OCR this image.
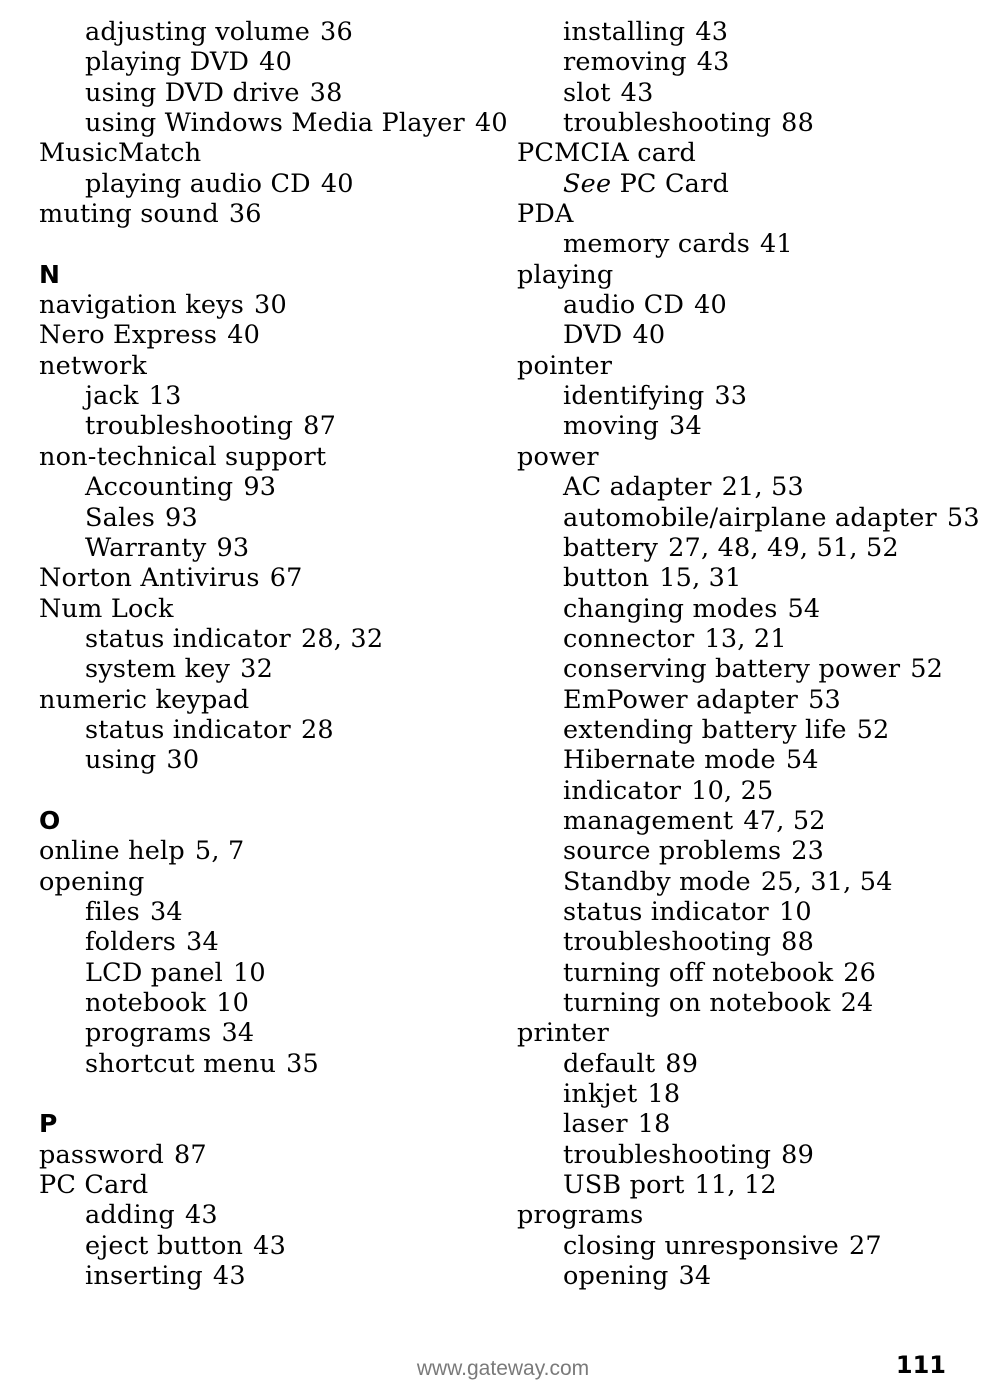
adjusting volume 36
playing DVD 40
using DVD drive 38
using Windows Media Player 40
MusicMatch
playing audio CD 40
muting sound 36
N
navigation keys 30
Nero Express 40
network
jack 13
troubleshooting 87
non-technical support
Accounting 93
Sales 93
Warranty 93
Norton Antivirus 67
Num Lock
status indicator 28, 32
system key 32
numeric keypad
status indicator 28
using 30
O
online help 5, 7
opening
files 34
folders 34
LCD panel 10
notebook 10
programs 34
shortcut menu 35
P
password 87
PC Card
adding 43
eject button 43
inserting 43
installing 43
removing 43
slot 43
troubleshooting 88
PCMCIA card
See PC Card
PDA
memory cards 41
playing
audio CD 40
DVD 40
pointer
identifying 33
moving 34
power
AC adapter 21, 53
automobile/airplane adapter 53
battery 27, 48, 49, 51, 52
button 15, 31
changing modes 54
connector 13, 21
conserving battery power 52
EmPower adapter 53
extending battery life 52
Hibernate mode 54
indicator 10, 25
management 47, 52
source problems 23
Standby mode 25, 31, 54
status indicator 10
troubleshooting 88
turning off notebook 26
turning on notebook 24
printer
default 89
inkjet 18
laser 18
troubleshooting 89
USB port 11, 12
programs
closing unresponsive 27
opening 34
www.gateway.com	111
